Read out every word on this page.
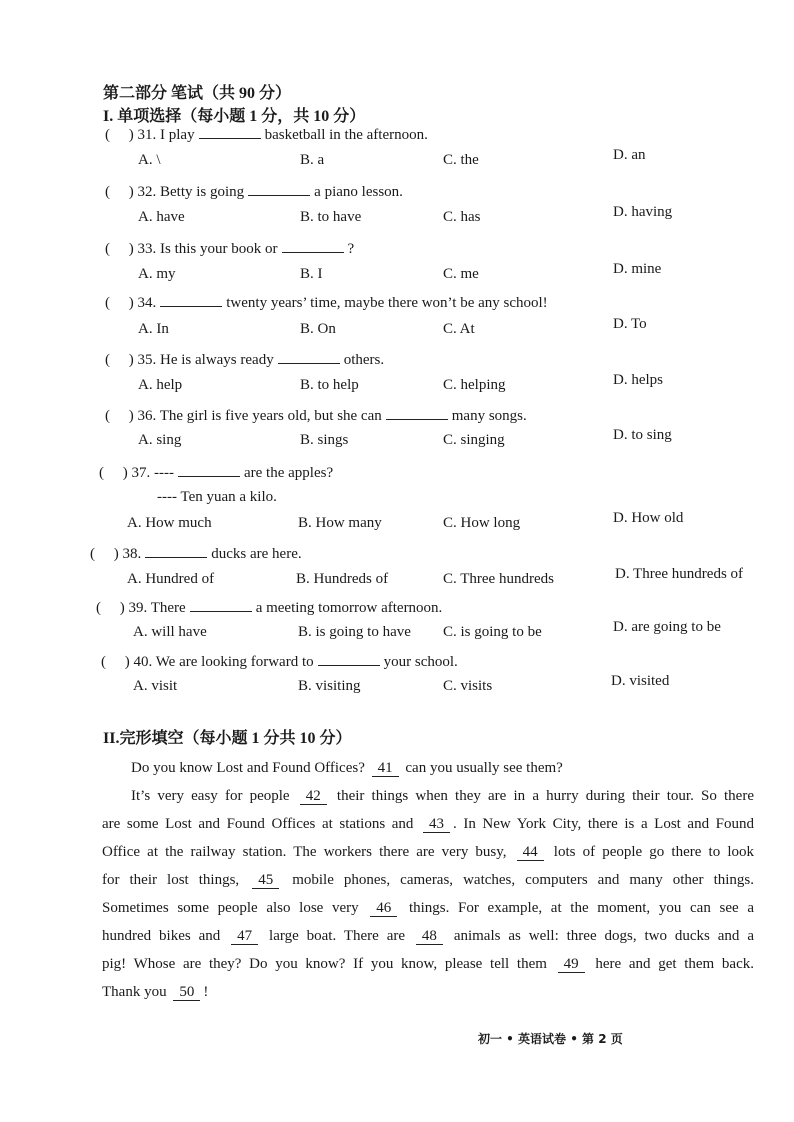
第二部分 笔试（共 90 分）
I. 单项选择（每小题 1 分，共 10 分）
(     ) 31. I play	basketball in the afternoon.
A. \	B. a	C. the	D. an
(     ) 32. Betty is going	a piano lesson.
A. have	B. to have	C. has	D. having
(     ) 33. Is this your book or	?
A. my	B. I	C. me	D. mine
(     ) 34.	twenty years’ time, maybe there won’t be any school!
A. In	B. On	C. At	D. To
(     ) 35. He is always ready	others.
A. help	B. to help	C. helping	D. helps
(     ) 36. The girl is five years old, but she can	many songs.
A. sing	B. sings	C. singing	D. to sing
(     ) 37. ----	are the apples?
---- Ten yuan a kilo.
A. How much	B. How many	C. How long	D. How old
(     ) 38.	ducks are here.
A. Hundred of	B. Hundreds of	C. Three hundreds	D. Three hundreds of
(     ) 39. There	a meeting tomorrow afternoon.
A. will have	B. is going to have C. is going to be	D. are going to be
(     ) 40. We are looking forward to	your school.
A. visit	B. visiting	C. visits	D. visited
II.完形填空（每小题 1 分共 10 分）
Do you know Lost and Found Offices? 41 can you usually see them?
It’s very easy for people 42 their things when they are in a hurry during their tour. So there
are some Lost and Found Offices at stations and 43 . In New York City, there is a Lost and Found
Office at the railway station. The workers there are very busy, 44 lots of people go there to look
for their lost things, 45 mobile phones, cameras, watches, computers and many other things.
Sometimes some people also lose very 46 things. For example, at the moment, you can see a
hundred bikes and 47 large boat. There are 48 animals as well: three dogs, two ducks and a
pig! Whose are they? Do you know? If you know, please tell them 49 here and get them back.
Thank you 50 !
初一 • 英语试卷 • 第 2 页
